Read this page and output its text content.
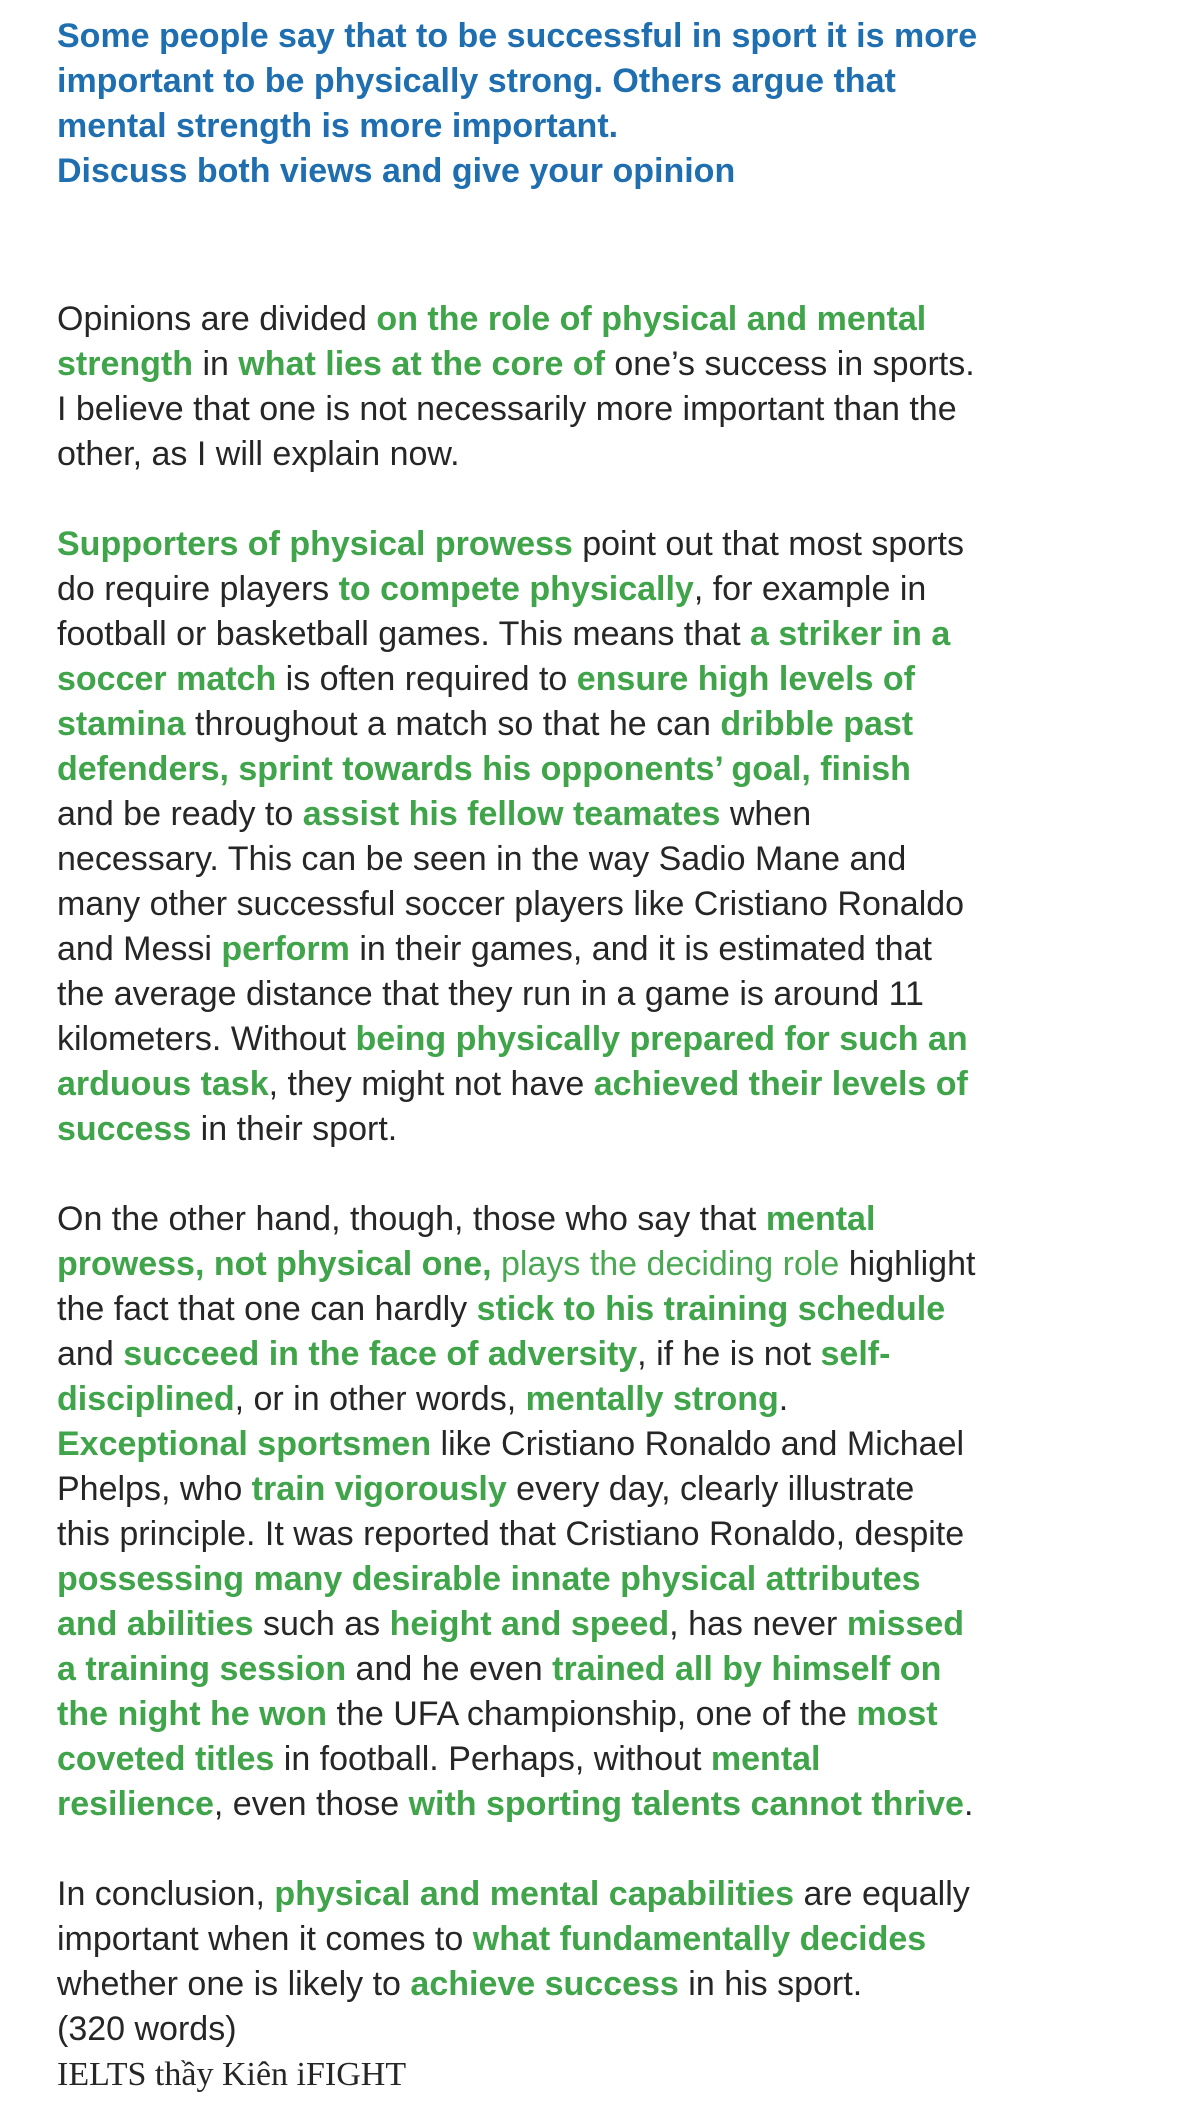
Some people say that to be successful in sport it is more
important to be physically strong. Others argue that
mental strength is more important.
Discuss both views and give your opinion

Opinions are divided on the role of physical and mental
strength in what lies at the core of one’s success in sports.
I believe that one is not necessarily more important than the
other, as I will explain now.

Supporters of physical prowess point out that most sports
do require players to compete physically, for example in
football or basketball games. This means that a striker in a
soccer match is often required to ensure high levels of
stamina throughout a match so that he can dribble past
defenders, sprint towards his opponents’ goal, finish
and be ready to assist his fellow teamates when
necessary. This can be seen in the way Sadio Mane and
many other successful soccer players like Cristiano Ronaldo
and Messi perform in their games, and it is estimated that
the average distance that they run in a game is around 11
kilometers. Without being physically prepared for such an
arduous task, they might not have achieved their levels of
success in their sport.

On the other hand, though, those who say that mental
prowess, not physical one, plays the deciding role highlight
the fact that one can hardly stick to his training schedule
and succeed in the face of adversity, if he is not self-
disciplined, or in other words, mentally strong.
Exceptional sportsmen like Cristiano Ronaldo and Michael
Phelps, who train vigorously every day, clearly illustrate
this principle. It was reported that Cristiano Ronaldo, despite
possessing many desirable innate physical attributes
and abilities such as height and speed, has never missed
a training session and he even trained all by himself on
the night he won the UFA championship, one of the most
coveted titles in football. Perhaps, without mental
resilience, even those with sporting talents cannot thrive.

In conclusion, physical and mental capabilities are equally
important when it comes to what fundamentally decides
whether one is likely to achieve success in his sport.
(320 words)
IELTS thầy Kiên iFIGHT
